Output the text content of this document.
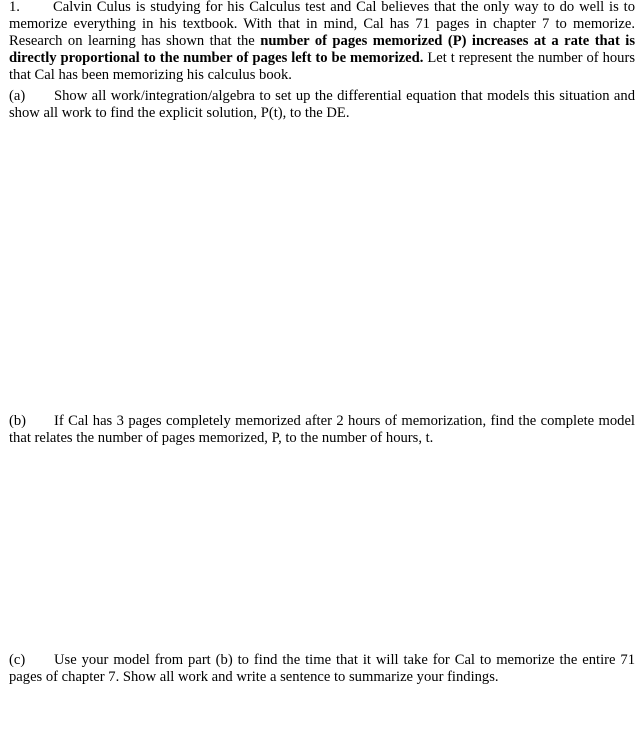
1. Calvin Culus is studying for his Calculus test and Cal believes that the only way to do well is to memorize everything in his textbook. With that in mind, Cal has 71 pages in chapter 7 to memorize. Research on learning has shown that the number of pages memorized (P) increases at a rate that is directly proportional to the number of pages left to be memorized. Let t represent the number of hours that Cal has been memorizing his calculus book.
(a) Show all work/integration/algebra to set up the differential equation that models this situation and show all work to find the explicit solution, P(t), to the DE.
(b) If Cal has 3 pages completely memorized after 2 hours of memorization, find the complete model that relates the number of pages memorized, P, to the number of hours, t.
(c) Use your model from part (b) to find the time that it will take for Cal to memorize the entire 71 pages of chapter 7. Show all work and write a sentence to summarize your findings.
